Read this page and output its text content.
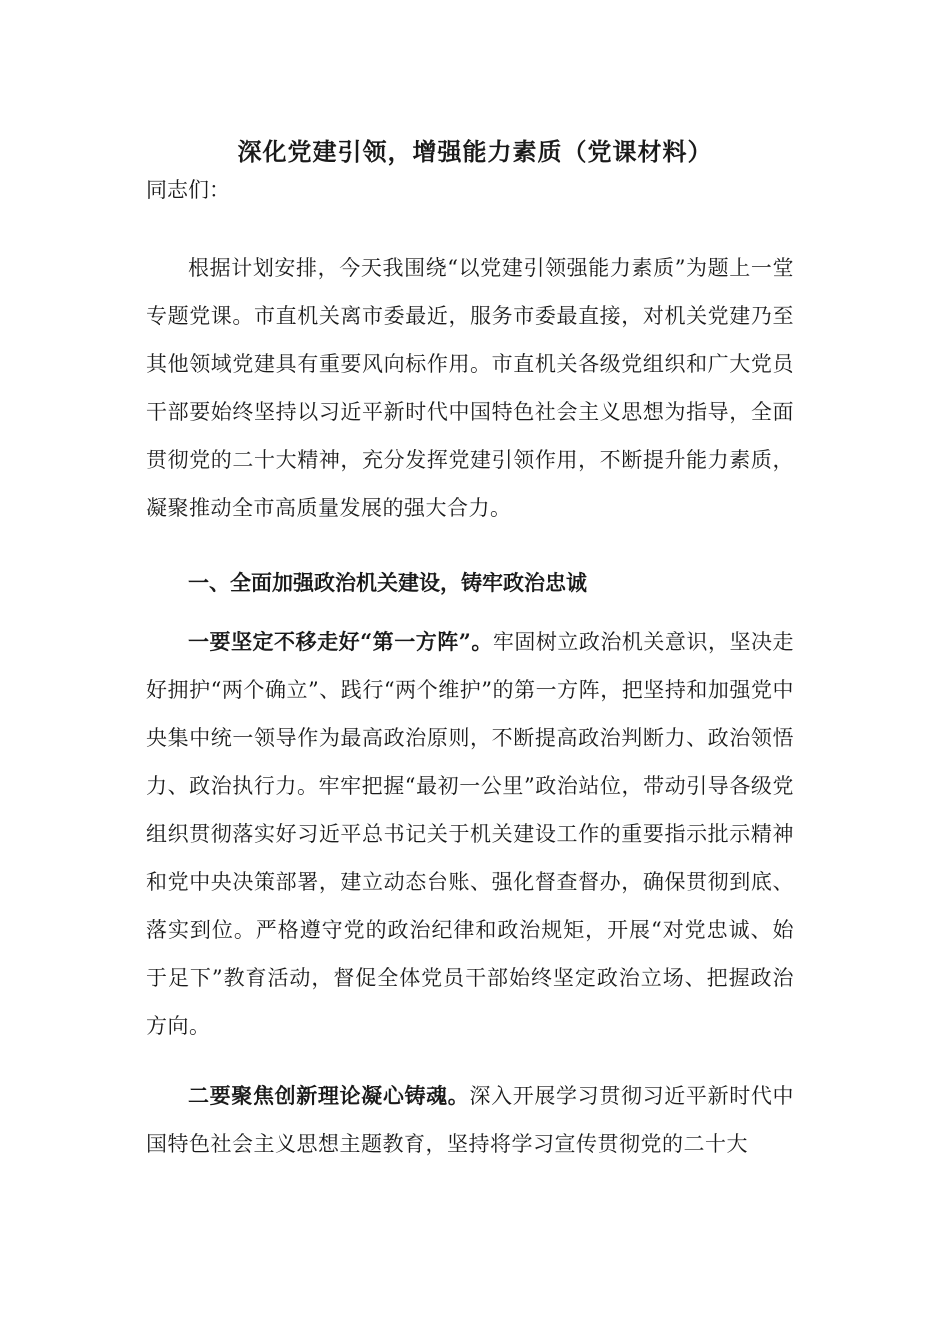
深化党建引领，增强能力素质（党课材料）

同志们：

根据计划安排，今天我围绕“以党建引领强能力素质”为题上一堂专题党课。市直机关离市委最近，服务市委最直接，对机关党建乃至其他领域党建具有重要风向标作用。市直机关各级党组织和广大党员干部要始终坚持以习近平新时代中国特色社会主义思想为指导，全面贯彻党的二十大精神，充分发挥党建引领作用，不断提升能力素质，凝聚推动全市高质量发展的强大合力。

一、全面加强政治机关建设，铸牢政治忠诚

一要坚定不移走好“第一方阵”。牢固树立政治机关意识，坚决走好拥护“两个确立”、践行“两个维护”的第一方阵，把坚持和加强党中央集中统一领导作为最高政治原则，不断提高政治判断力、政治领悟力、政治执行力。牢牢把握“最初一公里”政治站位，带动引导各级党组织贯彻落实好习近平总书记关于机关建设工作的重要指示批示精神和党中央决策部署，建立动态台账、强化督查督办，确保贯彻到底、落实到位。严格遵守党的政治纪律和政治规矩，开展“对党忠诚、始于足下”教育活动，督促全体党员干部始终坚定政治立场、把握政治方向。

二要聚焦创新理论凝心铸魂。深入开展学习贯彻习近平新时代中国特色社会主义思想主题教育，坚持将学习宣传贯彻党的二十大
